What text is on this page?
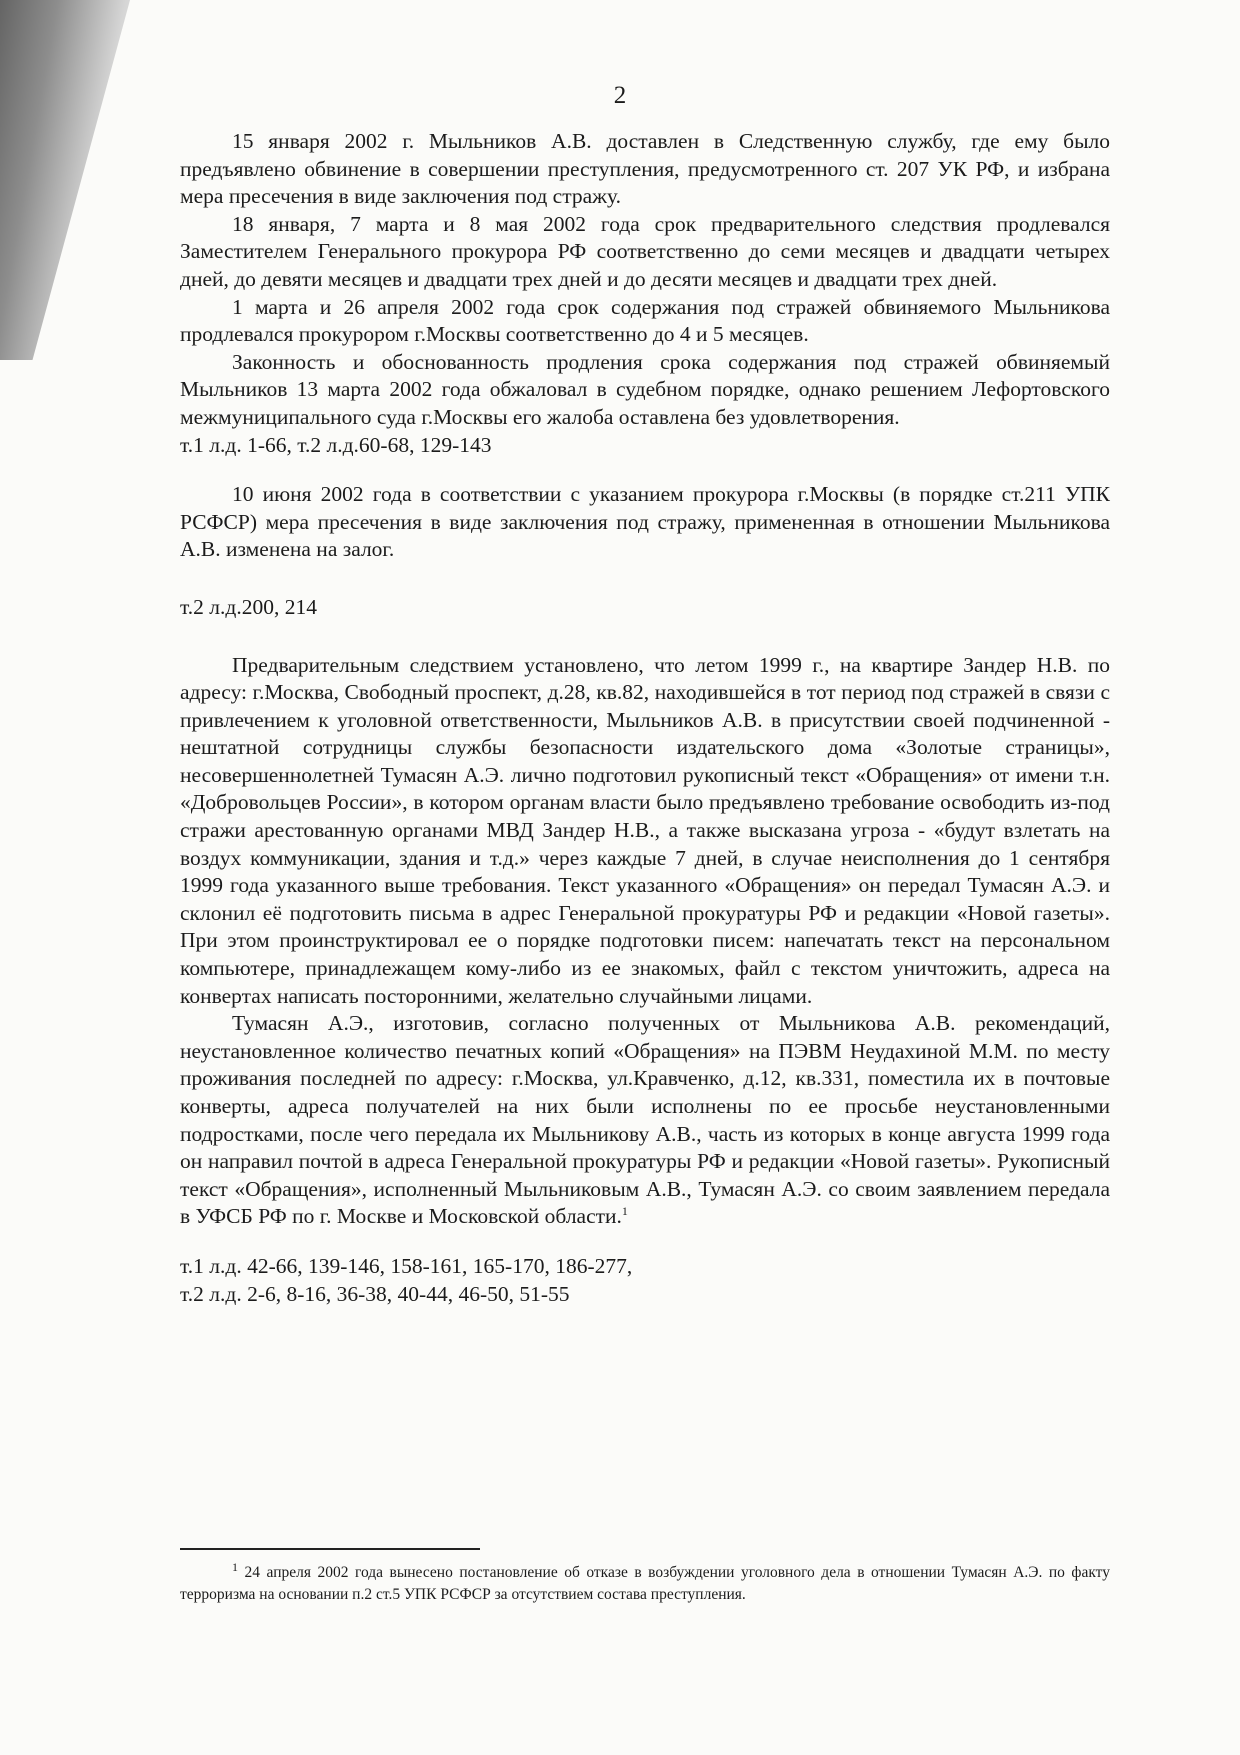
2

15 января 2002 г. Мыльников А.В. доставлен в Следственную службу, где ему было предъявлено обвинение в совершении преступления, предусмотренного ст. 207 УК РФ, и избрана мера пресечения в виде заключения под стражу.

18 января, 7 марта и 8 мая 2002 года срок предварительного следствия продлевался Заместителем Генерального прокурора РФ соответственно до семи месяцев и двадцати четырех дней, до девяти месяцев и двадцати трех дней и до десяти месяцев и двадцати трех дней.

1 марта и 26 апреля 2002 года срок содержания под стражей обвиняемого Мыльникова продлевался прокурором г.Москвы соответственно до 4 и 5 месяцев.

Законность и обоснованность продления срока содержания под стражей обвиняемый Мыльников 13 марта 2002 года обжаловал в судебном порядке, однако решением Лефортовского межмуниципального суда г.Москвы его жалоба оставлена без удовлетворения.

т.1 л.д. 1-66, т.2 л.д.60-68, 129-143

10 июня 2002 года в соответствии с указанием прокурора г.Москвы (в порядке ст.211 УПК РСФСР) мера пресечения в виде заключения под стражу, примененная в отношении Мыльникова А.В. изменена на залог.

т.2 л.д.200, 214

Предварительным следствием установлено, что летом 1999 г., на квартире Зандер Н.В. по адресу: г.Москва, Свободный проспект, д.28, кв.82, находившейся в тот период под стражей в связи с привлечением к уголовной ответственности, Мыльников А.В. в присутствии своей подчиненной - нештатной сотрудницы службы безопасности издательского дома «Золотые страницы», несовершеннолетней Тумасян А.Э. лично подготовил рукописный текст «Обращения» от имени т.н. «Добровольцев России», в котором органам власти было предъявлено требование освободить из-под стражи арестованную органами МВД Зандер Н.В., а также высказана угроза - «будут взлетать на воздух коммуникации, здания и т.д.» через каждые 7 дней, в случае неисполнения до 1 сентября 1999 года указанного выше требования. Текст указанного «Обращения» он передал Тумасян А.Э. и склонил её подготовить письма в адрес Генеральной прокуратуры РФ и редакции «Новой газеты». При этом проинструктировал ее о порядке подготовки писем: напечатать текст на персональном компьютере, принадлежащем кому-либо из ее знакомых, файл с текстом уничтожить, адреса на конвертах написать посторонними, желательно случайными лицами.

Тумасян А.Э., изготовив, согласно полученных от Мыльникова А.В. рекомендаций, неустановленное количество печатных копий «Обращения» на ПЭВМ Неудахиной М.М. по месту проживания последней по адресу: г.Москва, ул.Кравченко, д.12, кв.331, поместила их в почтовые конверты, адреса получателей на них были исполнены по ее просьбе неустановленными подростками, после чего передала их Мыльникову А.В., часть из которых в конце августа 1999 года он направил почтой в адреса Генеральной прокуратуры РФ и редакции «Новой газеты». Рукописный текст «Обращения», исполненный Мыльниковым А.В., Тумасян А.Э. со своим заявлением передала в УФСБ РФ по г. Москве и Московской области.$^1$

т.1 л.д. 42-66, 139-146, 158-161, 165-170, 186-277,

т.2 л.д. 2-6, 8-16, 36-38, 40-44, 46-50, 51-55

$^1$ 24 апреля 2002 года вынесено постановление об отказе в возбуждении уголовного дела в отношении Тумасян А.Э. по факту терроризма на основании п.2 ст.5 УПК РСФСР за отсутствием состава преступления.
